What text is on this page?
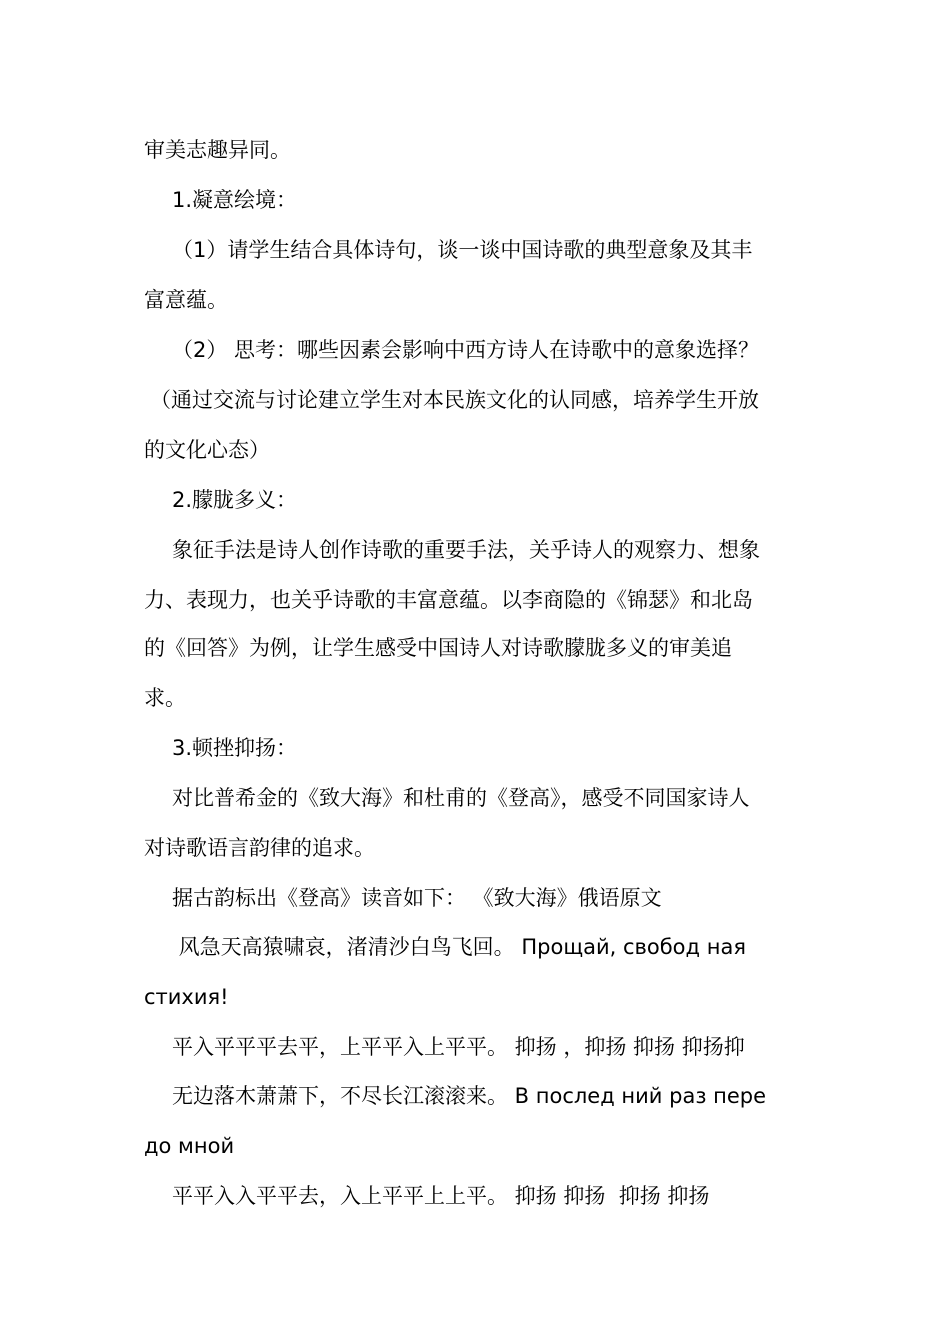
审美志趣异同。
1.凝意绘境：
（1）请学生结合具体诗句，谈一谈中国诗歌的典型意象及其丰
富意蕴。
（2） 思考：哪些因素会影响中西方诗人在诗歌中的意象选择？
（通过交流与讨论建立学生对本民族文化的认同感，培养学生开放
的文化心态）
2.朦胧多义：
象征手法是诗人创作诗歌的重要手法，关乎诗人的观察力、想象
力、表现力，也关乎诗歌的丰富意蕴。以李商隐的《锦瑟》和北岛
的《回答》为例，让学生感受中国诗人对诗歌朦胧多义的审美追
求。
3.顿挫抑扬：
对比普希金的《致大海》和杜甫的《登高》，感受不同国家诗人
对诗歌语言韵律的追求。
据古韵标出《登高》读音如下： 《致大海》俄语原文
风急天高猿啸哀，渚清沙白鸟飞回。 Прощай, свобод ная
стихия!
平入平平平去平，上平平入上平平。 抑扬 ，抑扬 抑扬 抑扬抑
无边落木萧萧下，不尽长江滚滚来。 В послед ний раз пере
до мной
平平入入平平去，入上平平上上平。 抑扬 抑扬  抑扬 抑扬
